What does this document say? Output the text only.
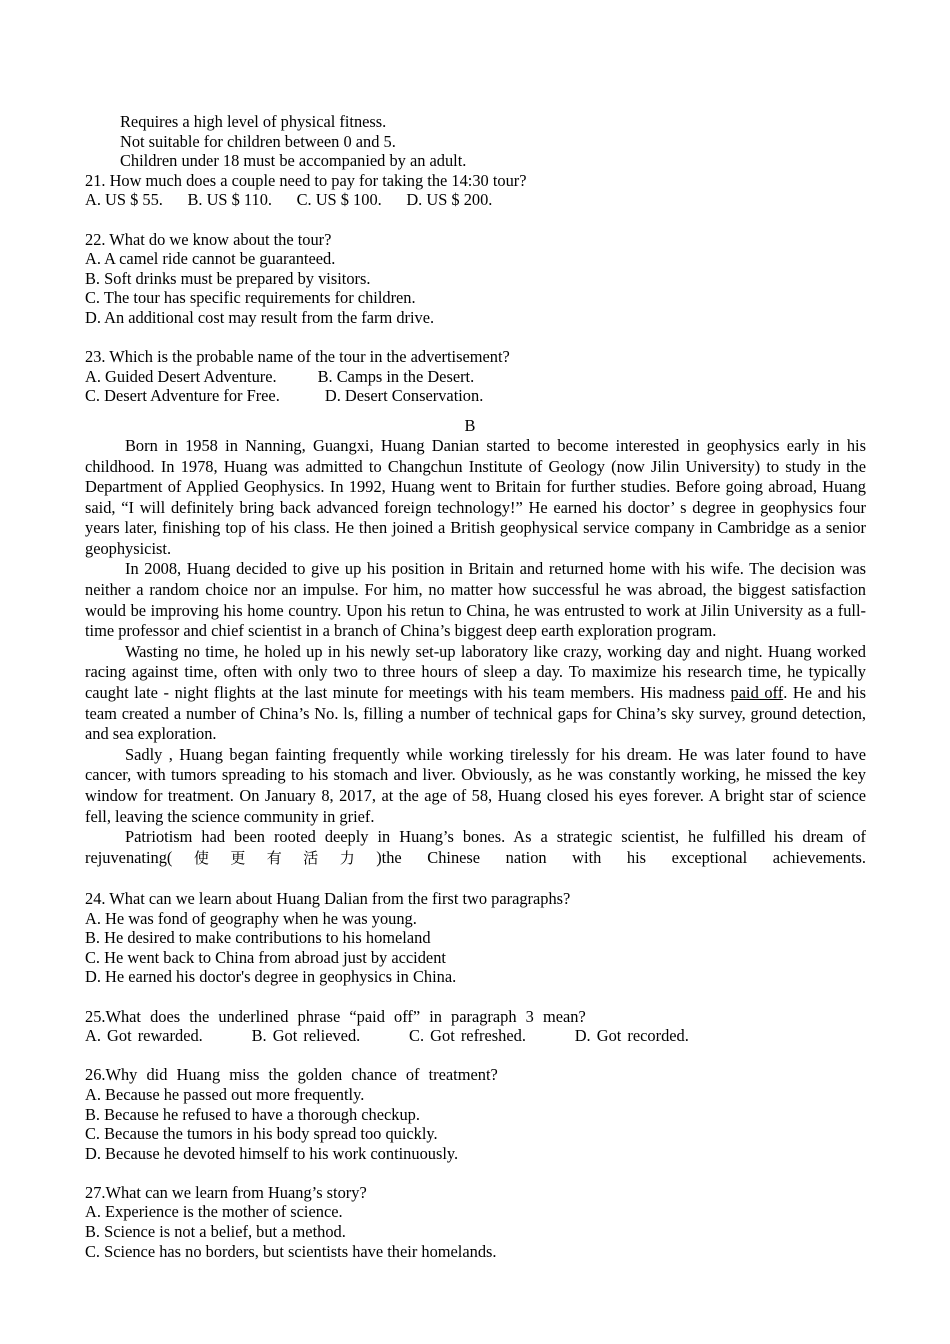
Requires a high level of physical fitness.
Not suitable for children between 0 and 5.
Children under 18 must be accompanied by an adult.
21. How much does a couple need to pay for taking the 14:30 tour?
A. US $ 55.      B. US $ 110.      C. US $ 100.      D. US $ 200.
22. What do we know about the tour?
A. A camel ride cannot be guaranteed.
B. Soft drinks must be prepared by visitors.
C. The tour has specific requirements for children.
D. An additional cost may result from the farm drive.
23. Which is the probable name of the tour in the advertisement?
A. Guided Desert Adventure.          B. Camps in the Desert.
C. Desert Adventure for Free.           D. Desert Conservation.
B

Born in 1958 in Nanning, Guangxi, Huang Danian started to become interested in geophysics early in his childhood. In 1978, Huang was admitted to Changchun Institute of Geology (now Jilin University) to study in the Department of Applied Geophysics. In 1992, Huang went to Britain for further studies. Before going abroad, Huang said, “I will definitely bring back advanced foreign technology!” He earned his doctor’ s degree in geophysics four years later, finishing top of his class. He then joined a British geophysical service company in Cambridge as a senior geophysicist.

In 2008, Huang decided to give up his position in Britain and returned home with his wife. The decision was neither a random choice nor an impulse. For him, no matter how successful he was abroad, the biggest satisfaction would be improving his home country. Upon his retun to China, he was entrusted to work at Jilin University as a full-time professor and chief scientist in a branch of China’s biggest deep earth exploration program.

Wasting no time, he holed up in his newly set-up laboratory like crazy, working day and night. Huang worked racing against time, often with only two to three hours of sleep a day. To maximize his research time, he typically caught late - night flights at the last minute for meetings with his team members. His madness paid off. He and his team created a number of China’s No. ls, filling a number of technical gaps for China’s sky survey, ground detection, and sea exploration.

Sadly , Huang began fainting frequently while working tirelessly for his dream. He was later found to have cancer, with tumors spreading to his stomach and liver. Obviously, as he was constantly working, he missed the key window for treatment. On January 8, 2017, at the age of 58, Huang closed his eyes forever. A bright star of science fell, leaving the science community in grief.

Patriotism had been rooted deeply in Huang’s bones. As a strategic scientist, he fulfilled his dream of rejuvenating(使更有活力)the Chinese nation with his exceptional achievements.

24. What can we learn about Huang Dalian from the first two paragraphs?
A. He was fond of geography when he was young.
B. He desired to make contributions to his homeland
C. He went back to China from abroad just by accident
D. He earned his doctor's degree in geophysics in China.
25.What does the underlined phrase “paid off” in paragraph 3 mean?
A. Got rewarded.        B. Got relieved.        C. Got refreshed.        D. Got recorded.
26.Why did Huang miss the golden chance of treatment?
A. Because he passed out more frequently.
B. Because he refused to have a thorough checkup.
C. Because the tumors in his body spread too quickly.
D. Because he devoted himself to his work continuously.
27.What can we learn from Huang’s story?
A. Experience is the mother of science.
B. Science is not a belief, but a method.
C. Science has no borders, but scientists have their homelands.
